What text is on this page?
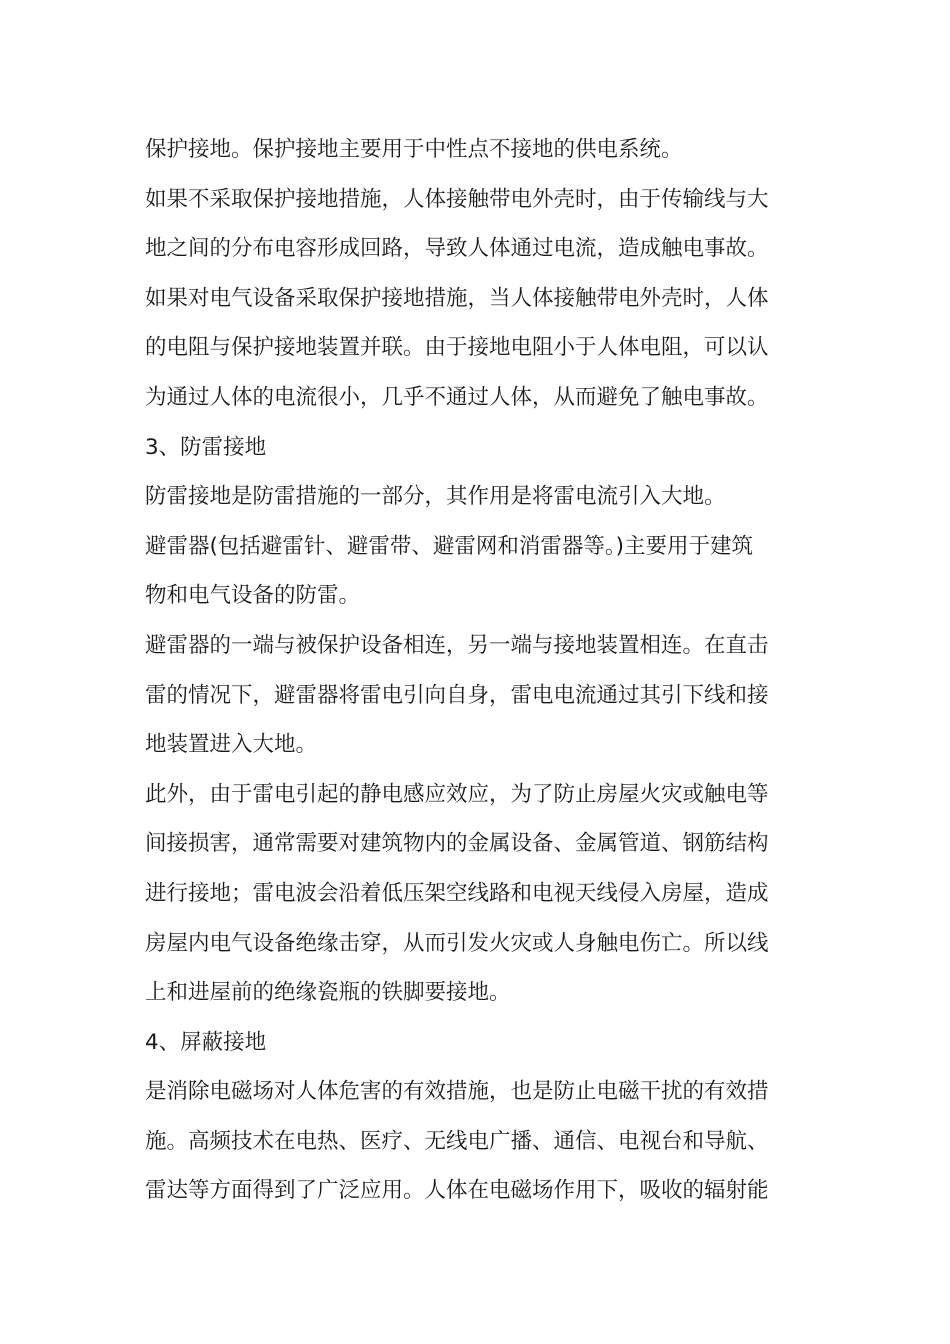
保护接地。保护接地主要用于中性点不接地的供电系统。
如果不采取保护接地措施，人体接触带电外壳时，由于传输线与大
地之间的分布电容形成回路，导致人体通过电流，造成触电事故。
如果对电气设备采取保护接地措施，当人体接触带电外壳时，人体
的电阻与保护接地装置并联。由于接地电阻小于人体电阻，可以认
为通过人体的电流很小，几乎不通过人体，从而避免了触电事故。
3、防雷接地
防雷接地是防雷措施的一部分，其作用是将雷电流引入大地。
避雷器(包括避雷针、避雷带、避雷网和消雷器等。)主要用于建筑
物和电气设备的防雷。
避雷器的一端与被保护设备相连，另一端与接地装置相连。在直击
雷的情况下，避雷器将雷电引向自身，雷电电流通过其引下线和接
地装置进入大地。
此外，由于雷电引起的静电感应效应，为了防止房屋火灾或触电等
间接损害，通常需要对建筑物内的金属设备、金属管道、钢筋结构
进行接地；雷电波会沿着低压架空线路和电视天线侵入房屋，造成
房屋内电气设备绝缘击穿，从而引发火灾或人身触电伤亡。所以线
上和进屋前的绝缘瓷瓶的铁脚要接地。
4、屏蔽接地
是消除电磁场对人体危害的有效措施，也是防止电磁干扰的有效措
施。高频技术在电热、医疗、无线电广播、通信、电视台和导航、
雷达等方面得到了广泛应用。人体在电磁场作用下，吸收的辐射能
